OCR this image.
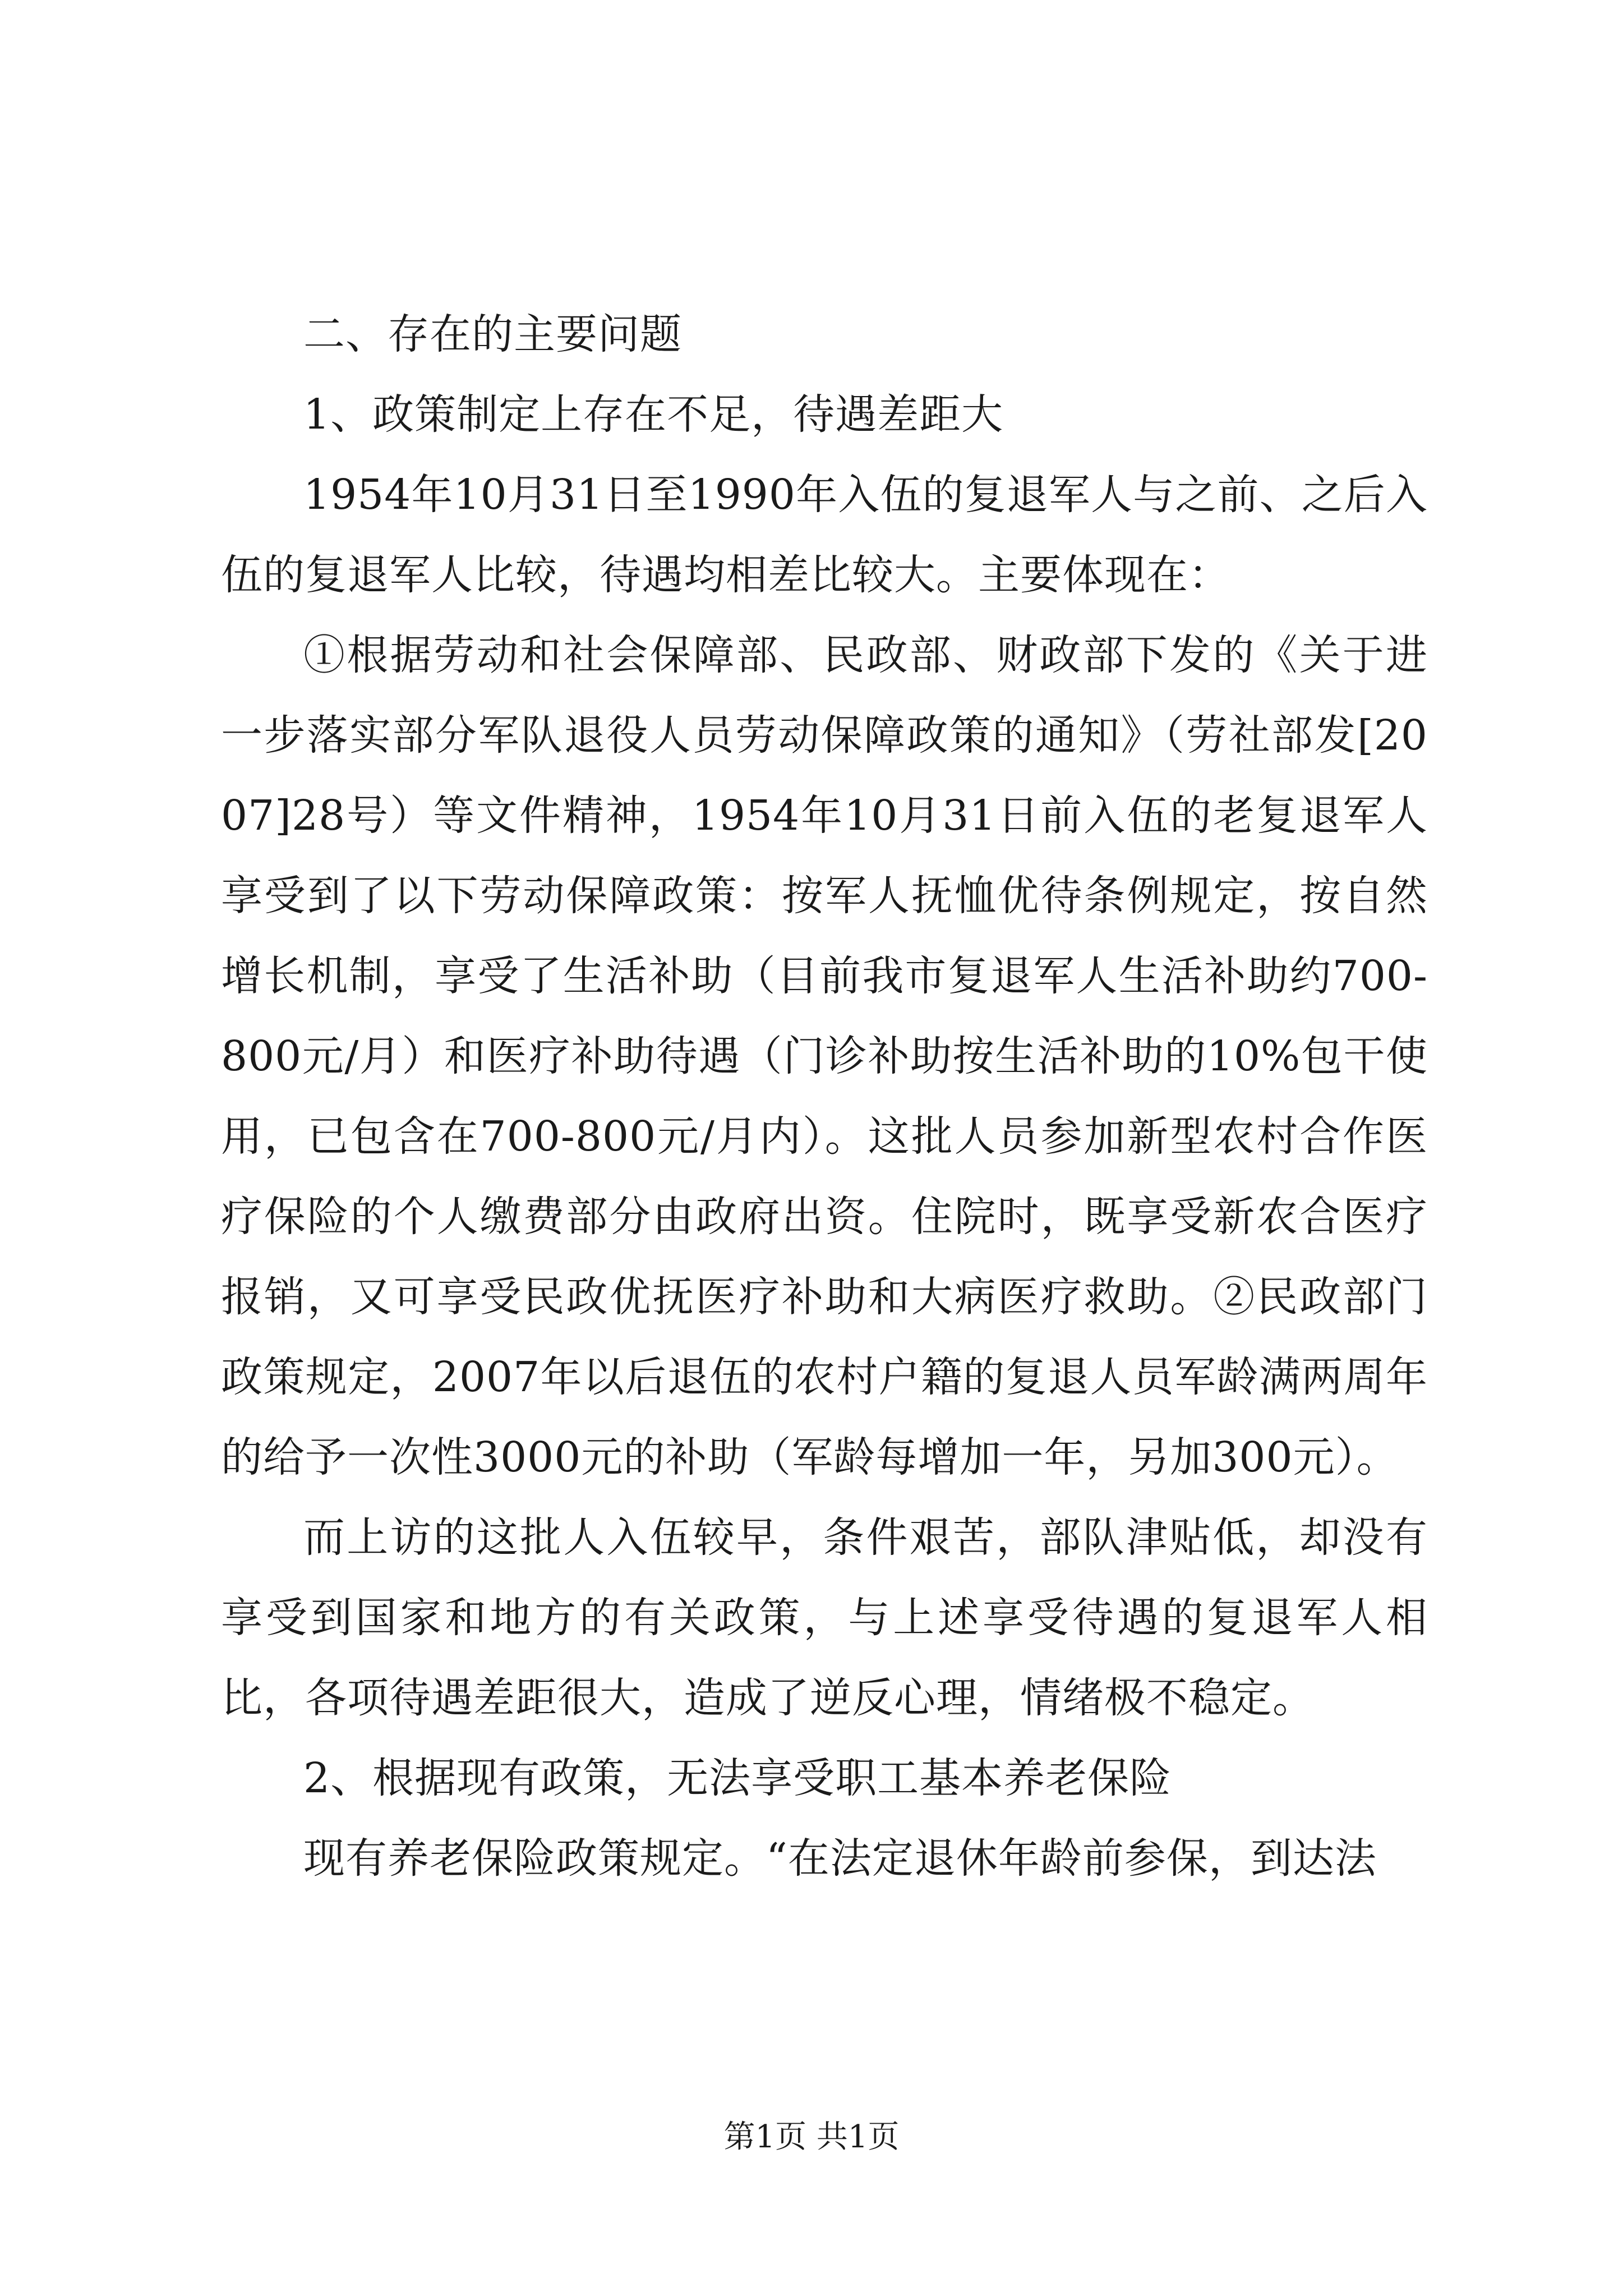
二、存在的主要问题

1、政策制定上存在不足，待遇差距大

1954年10月31日至1990年入伍的复退军人与之前、之后入伍的复退军人比较，待遇均相差比较大。主要体现在：

①根据劳动和社会保障部、民政部、财政部下发的《关于进一步落实部分军队退役人员劳动保障政策的通知》（劳社部发[2007]28号）等文件精神，1954年10月31日前入伍的老复退军人享受到了以下劳动保障政策：按军人抚恤优待条例规定，按自然增长机制，享受了生活补助（目前我市复退军人生活补助约700-800元/月）和医疗补助待遇（门诊补助按生活补助的10%包干使用，已包含在700-800元/月内）。这批人员参加新型农村合作医疗保险的个人缴费部分由政府出资。住院时，既享受新农合医疗报销，又可享受民政优抚医疗补助和大病医疗救助。②民政部门政策规定，2007年以后退伍的农村户籍的复退人员军龄满两周年的给予一次性3000元的补助（军龄每增加一年，另加300元）。

而上访的这批人入伍较早，条件艰苦，部队津贴低，却没有享受到国家和地方的有关政策，与上述享受待遇的复退军人相比，各项待遇差距很大，造成了逆反心理，情绪极不稳定。

2、根据现有政策，无法享受职工基本养老保险

现有养老保险政策规定。“在法定退休年龄前参保，到达法

第1页 共1页
